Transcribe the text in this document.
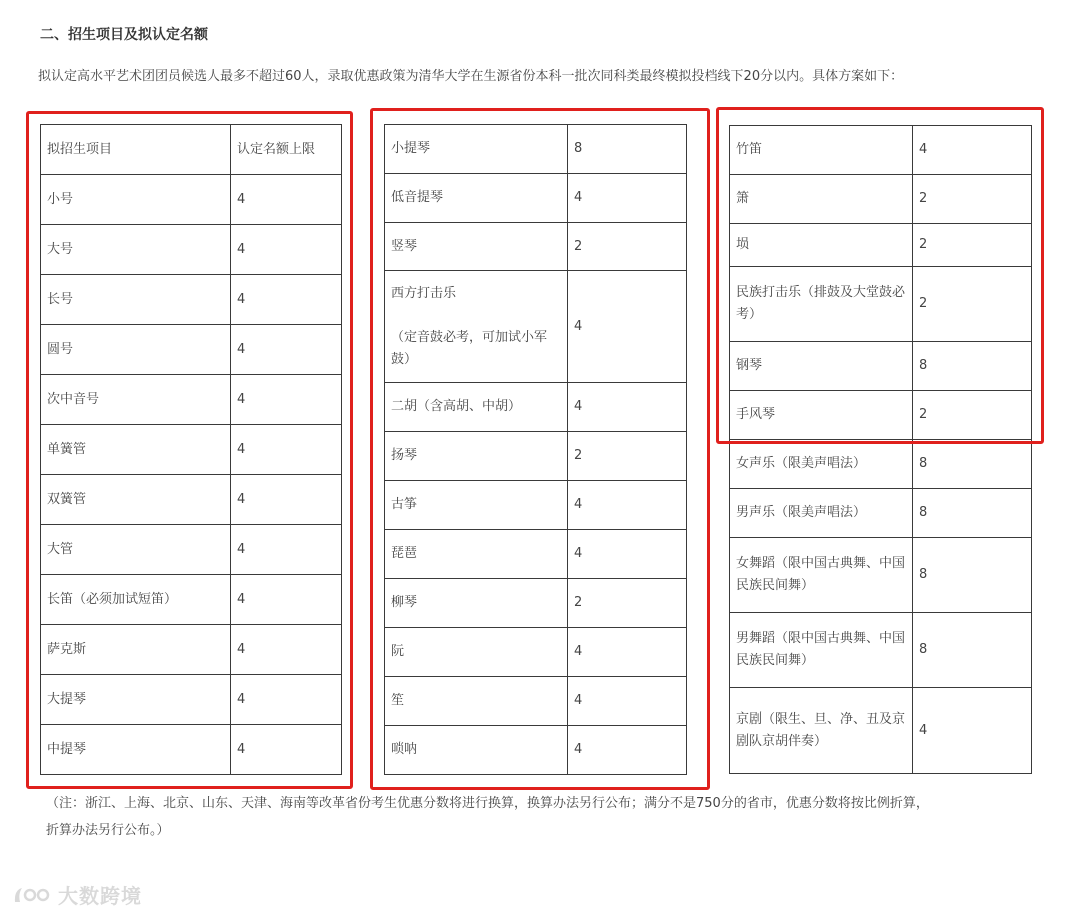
二、招生项目及拟认定名额

拟认定高水平艺术团团员候选人最多不超过60人，录取优惠政策为清华大学在生源省份本科一批次同科类最终模拟投档线下20分以内。具体方案如下：

拟招生项目	认定名额上限
小号	4
大号	4
长号	4
圆号	4
次中音号	4
单簧管	4
双簧管	4
大管	4
长笛（必须加试短笛）	4
萨克斯	4
大提琴	4
中提琴	4
小提琴	8
低音提琴	4
竖琴	2
西方打击乐

（定音鼓必考，可加试小军鼓）	4
二胡（含高胡、中胡）	4
扬琴	2
古筝	4
琵琶	4
柳琴	2
阮	4
笙	4
唢呐	4
竹笛	4
箫	2
埙	2
民族打击乐（排鼓及大堂鼓必考）	2
钢琴	8
手风琴	2
女声乐（限美声唱法）	8
男声乐（限美声唱法）	8
女舞蹈（限中国古典舞、中国民族民间舞）	8
男舞蹈（限中国古典舞、中国民族民间舞）	8
京剧（限生、旦、净、丑及京剧队京胡伴奏）	4

（注：浙江、上海、北京、山东、天津、海南等改革省份考生优惠分数将进行换算，换算办法另行公布；满分不是750分的省市，优惠分数将按比例折算，折算办法另行公布。）

大数跨境
